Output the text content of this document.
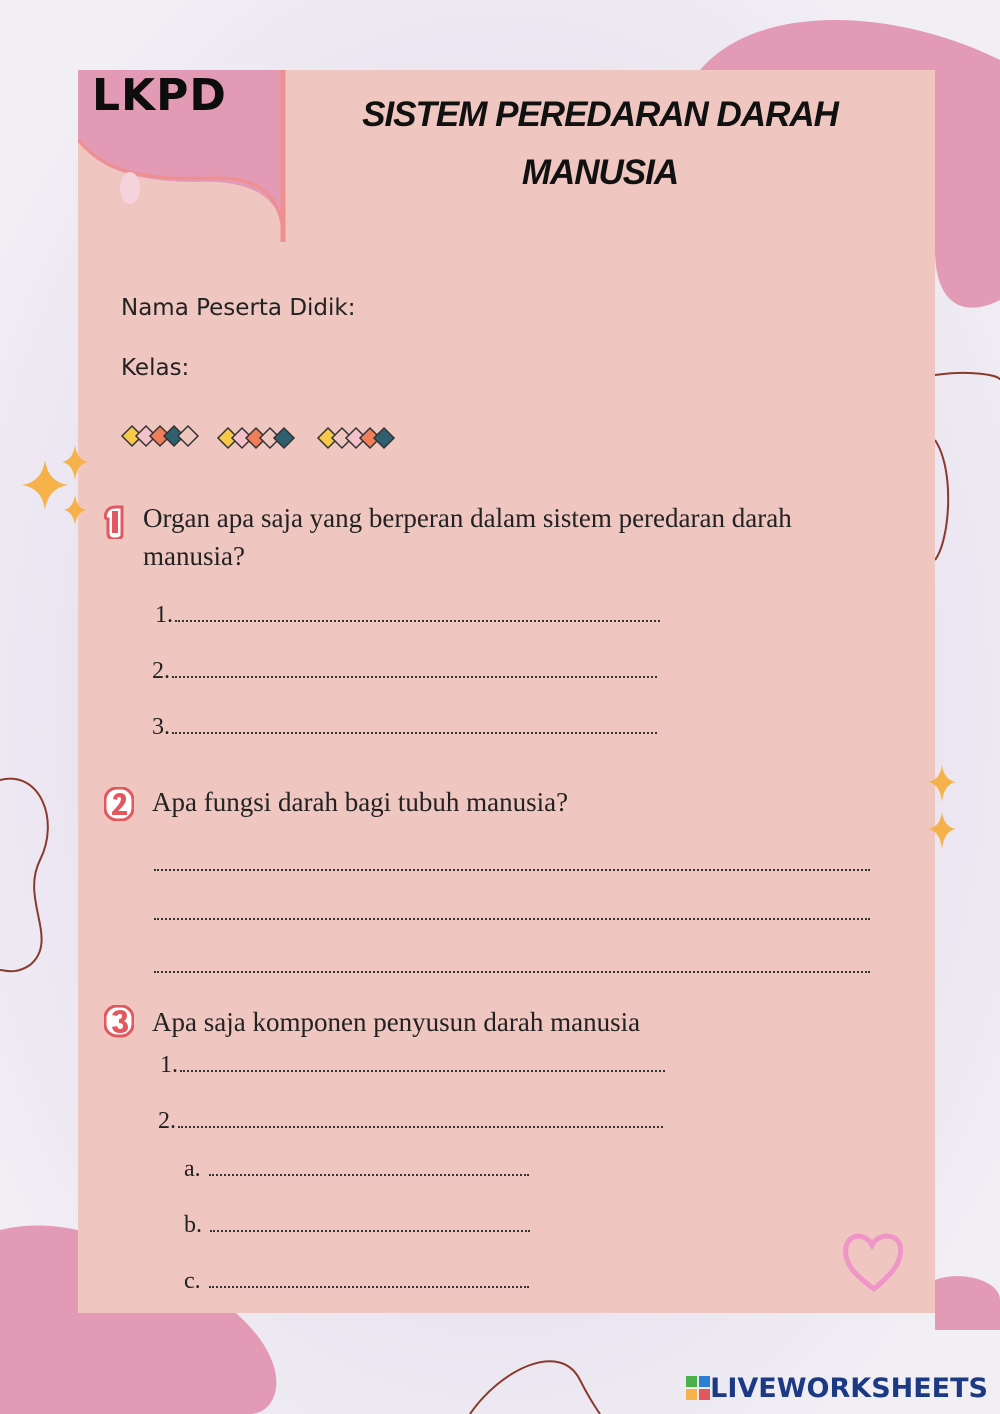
LKPD	SISTEM PEREDARAN DARAH
MANUSIA
Nama Peserta Didik:
Kelas:
Organ apa saja yang berperan dalam sistem peredaran darah
manusia?
1.
2.
3.
Apa fungsi darah bagi tubuh manusia?
Apa saja komponen penyusun darah manusia
1.
2.
a.
b.
c.
LIVEWORKSHEETS
